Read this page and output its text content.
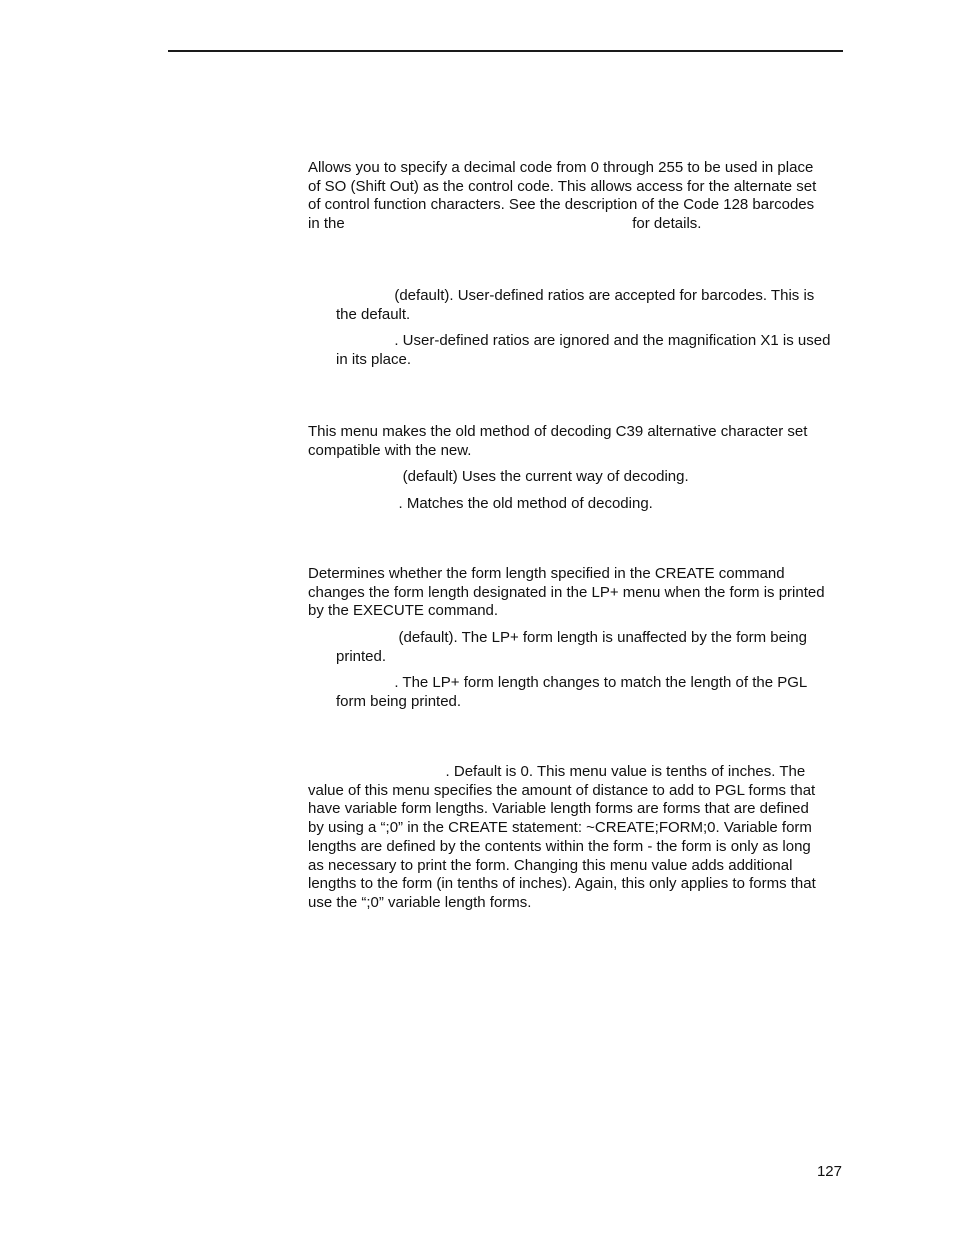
Allows you to specify a decimal code from 0 through 255 to be used in place
of SO (Shift Out) as the control code. This allows access for the alternate set
of control function characters. See the description of the Code 128 barcodes
in the                                                                     for details.

(default). User-defined ratios are accepted for barcodes. This is
the default.

. User-defined ratios are ignored and the magnification X1 is used
in its place.

This menu makes the old method of decoding C39 alternative character set
compatible with the new.

(default) Uses the current way of decoding.

. Matches the old method of decoding.

Determines whether the form length specified in the CREATE command
changes the form length designated in the LP+ menu when the form is printed
by the EXECUTE command.

(default). The LP+ form length is unaffected by the form being
printed.

. The LP+ form length changes to match the length of the PGL
form being printed.

. Default is 0. This menu value is tenths of inches. The
value of this menu specifies the amount of distance to add to PGL forms that
have variable form lengths. Variable length forms are forms that are defined
by using a “;0” in the CREATE statement: ~CREATE;FORM;0. Variable form
lengths are defined by the contents within the form - the form is only as long
as necessary to print the form. Changing this menu value adds additional
lengths to the form (in tenths of inches). Again, this only applies to forms that
use the “;0” variable length forms.

127
